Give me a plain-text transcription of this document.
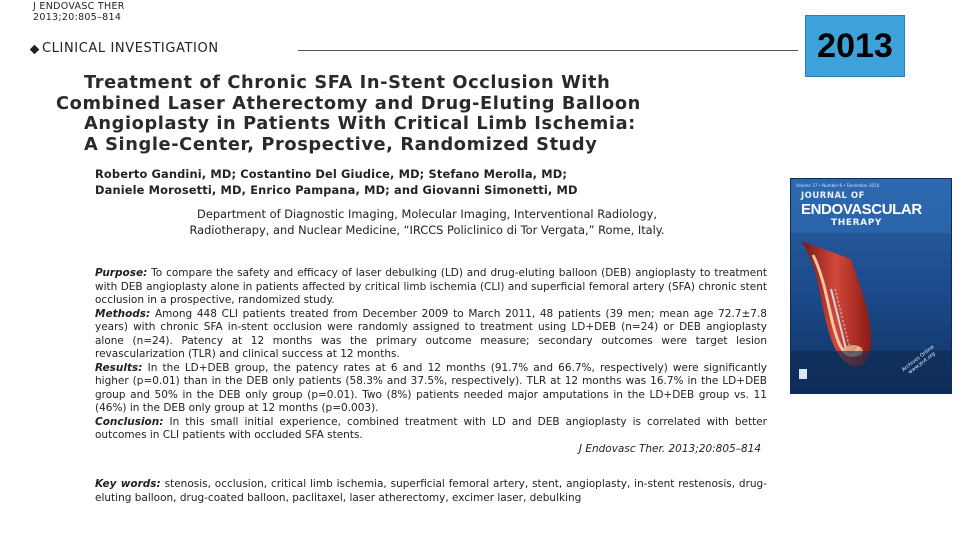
J ENDOVASC THER
2013;20:805–814
CLINICAL INVESTIGATION	2013
Treatment of Chronic SFA In-Stent Occlusion With
Combined Laser Atherectomy and Drug-Eluting Balloon
Angioplasty in Patients With Critical Limb Ischemia:
A Single-Center, Prospective, Randomized Study
Roberto Gandini, MD; Costantino Del Giudice, MD; Stefano Merolla, MD;
Daniele Morosetti, MD, Enrico Pampana, MD; and Giovanni Simonetti, MD
Department of Diagnostic Imaging, Molecular Imaging, Interventional Radiology,
Radiotherapy, and Nuclear Medicine, “IRCCS Policlinico di Tor Vergata,” Rome, Italy.

Purpose: To compare the safety and efficacy of laser debulking (LD) and drug-eluting balloon (DEB) angioplasty to treatment with DEB angioplasty alone in patients affected by critical limb ischemia (CLI) and superficial femoral artery (SFA) chronic stent occlusion in a prospective, randomized study.

Methods: Among 448 CLI patients treated from December 2009 to March 2011, 48 patients (39 men; mean age 72.7±7.8 years) with chronic SFA in-stent occlusion were randomly assigned to treatment using LD+DEB (n=24) or DEB angioplasty alone (n=24). Patency at 12 months was the primary outcome measure; secondary outcomes were target lesion revascularization (TLR) and clinical success at 12 months.

Results: In the LD+DEB group, the patency rates at 6 and 12 months (91.7% and 66.7%, respectively) were significantly higher (p=0.01) than in the DEB only patients (58.3% and 37.5%, respectively). TLR at 12 months was 16.7% in the LD+DEB group and 50% in the DEB only group (p=0.01). Two (8%) patients needed major amputations in the LD+DEB group vs. 11 (46%) in the DEB only group at 12 months (p=0.003).

Conclusion: In this small initial experience, combined treatment with LD and DEB angioplasty is correlated with better outcomes in CLI patients with occluded SFA stents.

J Endovasc Ther. 2013;20:805–814
Key words: stenosis, occlusion, critical limb ischemia, superficial femoral artery, stent, angioplasty, in-stent restenosis, drug-eluting balloon, drug-coated balloon, paclitaxel, laser atherectomy, excimer laser, debulking
Volume 17 • Number 6 • December 2010
JOURNAL OF
ENDOVASCULAR
THERAPY
Archives Online www.jevt.org
